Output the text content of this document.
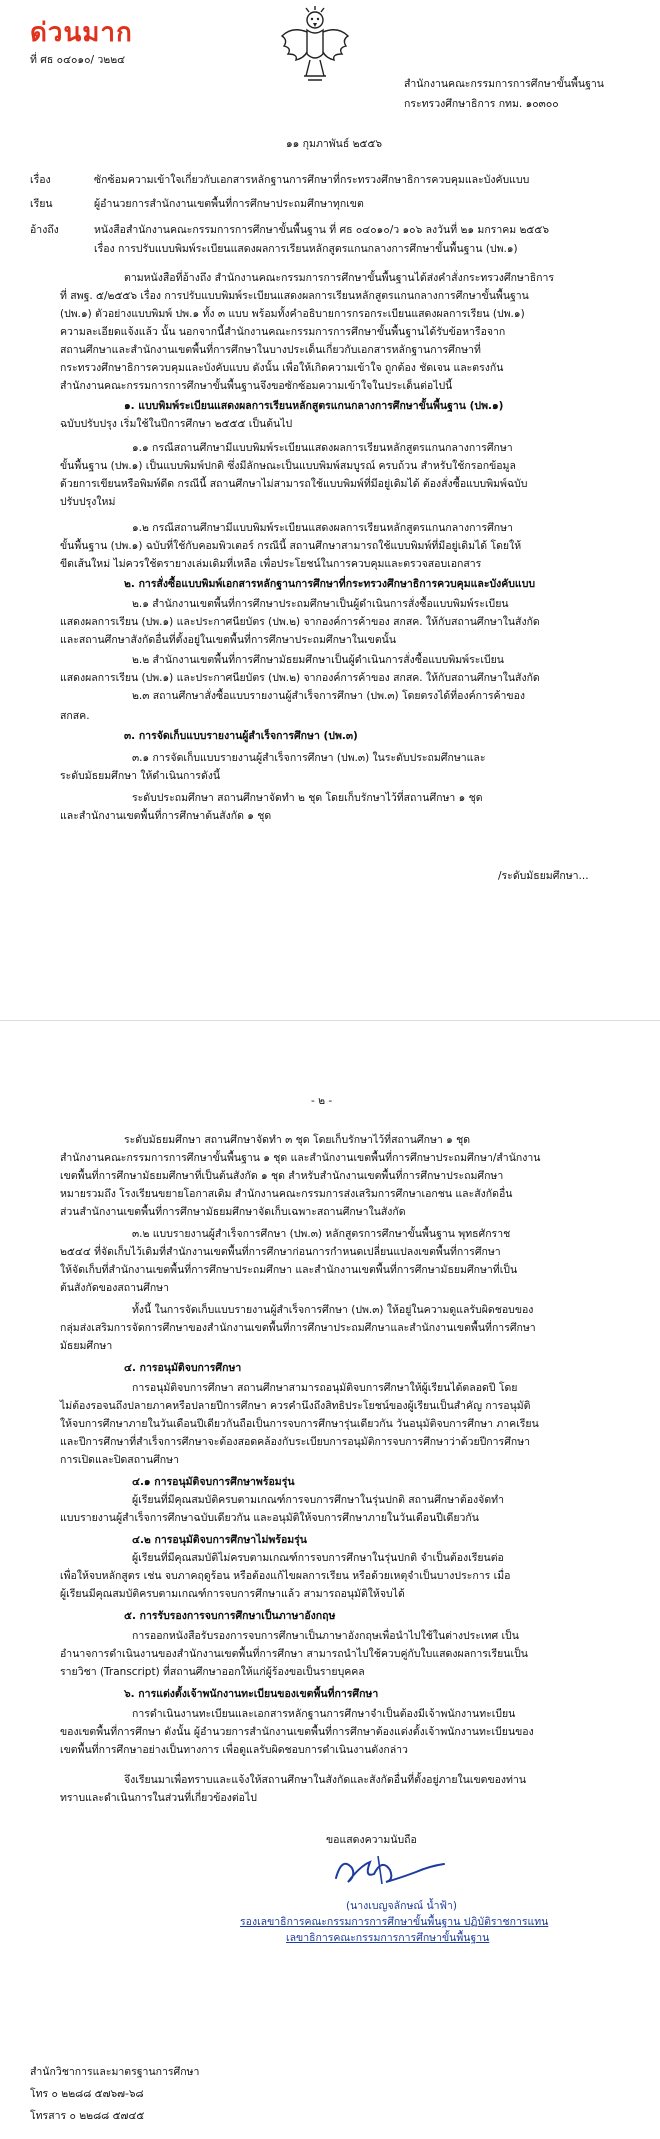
ด่วนมาก
ที่ ศธ ๐๔๐๑๐/ ว๒๒๔
สำนักงานคณะกรรมการการศึกษาขั้นพื้นฐาน
กระทรวงศึกษาธิการ กทม. ๑๐๓๐๐
๑๑ กุมภาพันธ์ ๒๕๕๖
เรื่อง	ซักซ้อมความเข้าใจเกี่ยวกับเอกสารหลักฐานการศึกษาที่กระทรวงศึกษาธิการควบคุมและบังคับแบบ
เรียน	ผู้อำนวยการสำนักงานเขตพื้นที่การศึกษาประถมศึกษาทุกเขต
อ้างถึง	หนังสือสำนักงานคณะกรรมการการศึกษาขั้นพื้นฐาน ที่ ศธ ๐๔๐๑๐/ว ๑๐๖ ลงวันที่ ๒๑ มกราคม ๒๕๕๖
เรื่อง การปรับแบบพิมพ์ระเบียนแสดงผลการเรียนหลักสูตรแกนกลางการศึกษาขั้นพื้นฐาน (ปพ.๑)
ตามหนังสือที่อ้างถึง สำนักงานคณะกรรมการการศึกษาขั้นพื้นฐานได้ส่งคำสั่งกระทรวงศึกษาธิการ
ที่ สพฐ. ๕/๒๕๕๖ เรื่อง การปรับแบบพิมพ์ระเบียนแสดงผลการเรียนหลักสูตรแกนกลางการศึกษาขั้นพื้นฐาน
(ปพ.๑) ตัวอย่างแบบพิมพ์ ปพ.๑ ทั้ง ๓ แบบ พร้อมทั้งคำอธิบายการกรอกระเบียนแสดงผลการเรียน (ปพ.๑)
ความละเอียดแจ้งแล้ว นั้น นอกจากนี้สำนักงานคณะกรรมการการศึกษาขั้นพื้นฐานได้รับข้อหารือจาก
สถานศึกษาและสำนักงานเขตพื้นที่การศึกษาในบางประเด็นเกี่ยวกับเอกสารหลักฐานการศึกษาที่
กระทรวงศึกษาธิการควบคุมและบังคับแบบ ดังนั้น เพื่อให้เกิดความเข้าใจ ถูกต้อง ชัดเจน และตรงกัน
สำนักงานคณะกรรมการการศึกษาขั้นพื้นฐานจึงขอซักซ้อมความเข้าใจในประเด็นต่อไปนี้
๑. แบบพิมพ์ระเบียนแสดงผลการเรียนหลักสูตรแกนกลางการศึกษาขั้นพื้นฐาน (ปพ.๑)
ฉบับปรับปรุง เริ่มใช้ในปีการศึกษา ๒๕๕๕ เป็นต้นไป
๑.๑ กรณีสถานศึกษามีแบบพิมพ์ระเบียนแสดงผลการเรียนหลักสูตรแกนกลางการศึกษา
ขั้นพื้นฐาน (ปพ.๑) เป็นแบบพิมพ์ปกติ ซึ่งมีลักษณะเป็นแบบพิมพ์สมบูรณ์ ครบถ้วน สำหรับใช้กรอกข้อมูล
ด้วยการเขียนหรือพิมพ์ดีด กรณีนี้ สถานศึกษาไม่สามารถใช้แบบพิมพ์ที่มีอยู่เดิมได้ ต้องสั่งซื้อแบบพิมพ์ฉบับ
ปรับปรุงใหม่
๑.๒ กรณีสถานศึกษามีแบบพิมพ์ระเบียนแสดงผลการเรียนหลักสูตรแกนกลางการศึกษา
ขั้นพื้นฐาน (ปพ.๑) ฉบับที่ใช้กับคอมพิวเตอร์ กรณีนี้ สถานศึกษาสามารถใช้แบบพิมพ์ที่มีอยู่เดิมได้ โดยให้
ขีดเส้นใหม่ ไม่ควรใช้ตรายางเล่มเดิมที่เหลือ เพื่อประโยชน์ในการควบคุมและตรวจสอบเอกสาร
๒. การสั่งซื้อแบบพิมพ์เอกสารหลักฐานการศึกษาที่กระทรวงศึกษาธิการควบคุมและบังคับแบบ
๒.๑ สำนักงานเขตพื้นที่การศึกษาประถมศึกษาเป็นผู้ดำเนินการสั่งซื้อแบบพิมพ์ระเบียน
แสดงผลการเรียน (ปพ.๑) และประกาศนียบัตร (ปพ.๒) จากองค์การค้าของ สกสค. ให้กับสถานศึกษาในสังกัด
และสถานศึกษาสังกัดอื่นที่ตั้งอยู่ในเขตพื้นที่การศึกษาประถมศึกษาในเขตนั้น
๒.๒ สำนักงานเขตพื้นที่การศึกษามัธยมศึกษาเป็นผู้ดำเนินการสั่งซื้อแบบพิมพ์ระเบียน
แสดงผลการเรียน (ปพ.๑) และประกาศนียบัตร (ปพ.๒) จากองค์การค้าของ สกสค. ให้กับสถานศึกษาในสังกัด
๒.๓ สถานศึกษาสั่งซื้อแบบรายงานผู้สำเร็จการศึกษา (ปพ.๓) โดยตรงได้ที่องค์การค้าของ
สกสค.
๓. การจัดเก็บแบบรายงานผู้สำเร็จการศึกษา (ปพ.๓)
๓.๑ การจัดเก็บแบบรายงานผู้สำเร็จการศึกษา (ปพ.๓) ในระดับประถมศึกษาและ
ระดับมัธยมศึกษา ให้ดำเนินการดังนี้
ระดับประถมศึกษา สถานศึกษาจัดทำ ๒ ชุด โดยเก็บรักษาไว้ที่สถานศึกษา ๑ ชุด
และสำนักงานเขตพื้นที่การศึกษาต้นสังกัด ๑ ชุด
/ระดับมัธยมศึกษา...
- ๒ -
ระดับมัธยมศึกษา สถานศึกษาจัดทำ ๓ ชุด โดยเก็บรักษาไว้ที่สถานศึกษา ๑ ชุด
สำนักงานคณะกรรมการการศึกษาขั้นพื้นฐาน ๑ ชุด และสำนักงานเขตพื้นที่การศึกษาประถมศึกษา/สำนักงาน
เขตพื้นที่การศึกษามัธยมศึกษาที่เป็นต้นสังกัด ๑ ชุด สำหรับสำนักงานเขตพื้นที่การศึกษาประถมศึกษา
หมายรวมถึง โรงเรียนขยายโอกาสเดิม สำนักงานคณะกรรมการส่งเสริมการศึกษาเอกชน และสังกัดอื่น
ส่วนสำนักงานเขตพื้นที่การศึกษามัธยมศึกษาจัดเก็บเฉพาะสถานศึกษาในสังกัด
๓.๒ แบบรายงานผู้สำเร็จการศึกษา (ปพ.๓) หลักสูตรการศึกษาขั้นพื้นฐาน พุทธศักราช
๒๕๔๔ ที่จัดเก็บไว้เดิมที่สำนักงานเขตพื้นที่การศึกษาก่อนการกำหนดเปลี่ยนแปลงเขตพื้นที่การศึกษา
ให้จัดเก็บที่สำนักงานเขตพื้นที่การศึกษาประถมศึกษา และสำนักงานเขตพื้นที่การศึกษามัธยมศึกษาที่เป็น
ต้นสังกัดของสถานศึกษา
ทั้งนี้ ในการจัดเก็บแบบรายงานผู้สำเร็จการศึกษา (ปพ.๓) ให้อยู่ในความดูแลรับผิดชอบของ
กลุ่มส่งเสริมการจัดการศึกษาของสำนักงานเขตพื้นที่การศึกษาประถมศึกษาและสำนักงานเขตพื้นที่การศึกษา
มัธยมศึกษา
๔. การอนุมัติจบการศึกษา
การอนุมัติจบการศึกษา สถานศึกษาสามารถอนุมัติจบการศึกษาให้ผู้เรียนได้ตลอดปี โดย
ไม่ต้องรอจนถึงปลายภาคหรือปลายปีการศึกษา ควรคำนึงถึงสิทธิประโยชน์ของผู้เรียนเป็นสำคัญ การอนุมัติ
ให้จบการศึกษาภายในวันเดือนปีเดียวกันถือเป็นการจบการศึกษารุ่นเดียวกัน วันอนุมัติจบการศึกษา ภาคเรียน
และปีการศึกษาที่สำเร็จการศึกษาจะต้องสอดคล้องกับระเบียบการอนุมัติการจบการศึกษาว่าด้วยปีการศึกษา
การเปิดและปิดสถานศึกษา
๔.๑ การอนุมัติจบการศึกษาพร้อมรุ่น
ผู้เรียนที่มีคุณสมบัติครบตามเกณฑ์การจบการศึกษาในรุ่นปกติ สถานศึกษาต้องจัดทำ
แบบรายงานผู้สำเร็จการศึกษาฉบับเดียวกัน และอนุมัติให้จบการศึกษาภายในวันเดือนปีเดียวกัน
๔.๒ การอนุมัติจบการศึกษาไม่พร้อมรุ่น
ผู้เรียนที่มีคุณสมบัติไม่ครบตามเกณฑ์การจบการศึกษาในรุ่นปกติ จำเป็นต้องเรียนต่อ
เพื่อให้จบหลักสูตร เช่น จบภาคฤดูร้อน หรือต้องแก้ไขผลการเรียน หรือด้วยเหตุจำเป็นบางประการ เมื่อ
ผู้เรียนมีคุณสมบัติครบตามเกณฑ์การจบการศึกษาแล้ว สามารถอนุมัติให้จบได้
๕. การรับรองการจบการศึกษาเป็นภาษาอังกฤษ
การออกหนังสือรับรองการจบการศึกษาเป็นภาษาอังกฤษเพื่อนำไปใช้ในต่างประเทศ เป็น
อำนาจการดำเนินงานของสำนักงานเขตพื้นที่การศึกษา สามารถนำไปใช้ควบคู่กับใบแสดงผลการเรียนเป็น
รายวิชา (Transcript) ที่สถานศึกษาออกให้แก่ผู้ร้องขอเป็นรายบุคคล
๖. การแต่งตั้งเจ้าพนักงานทะเบียนของเขตพื้นที่การศึกษา
การดำเนินงานทะเบียนและเอกสารหลักฐานการศึกษาจำเป็นต้องมีเจ้าพนักงานทะเบียน
ของเขตพื้นที่การศึกษา ดังนั้น ผู้อำนวยการสำนักงานเขตพื้นที่การศึกษาต้องแต่งตั้งเจ้าพนักงานทะเบียนของ
เขตพื้นที่การศึกษาอย่างเป็นทางการ เพื่อดูแลรับผิดชอบการดำเนินงานดังกล่าว
จึงเรียนมาเพื่อทราบและแจ้งให้สถานศึกษาในสังกัดและสังกัดอื่นที่ตั้งอยู่ภายในเขตของท่าน
ทราบและดำเนินการในส่วนที่เกี่ยวข้องต่อไป
ขอแสดงความนับถือ
(นางเบญจลักษณ์ น้ำฟ้า)
รองเลขาธิการคณะกรรมการการศึกษาขั้นพื้นฐาน ปฏิบัติราชการแทน
เลขาธิการคณะกรรมการการศึกษาขั้นพื้นฐาน
สำนักวิชาการและมาตรฐานการศึกษา
โทร ๐ ๒๒๘๘ ๕๗๖๗-๖๘
โทรสาร ๐ ๒๒๘๘ ๕๗๔๕
